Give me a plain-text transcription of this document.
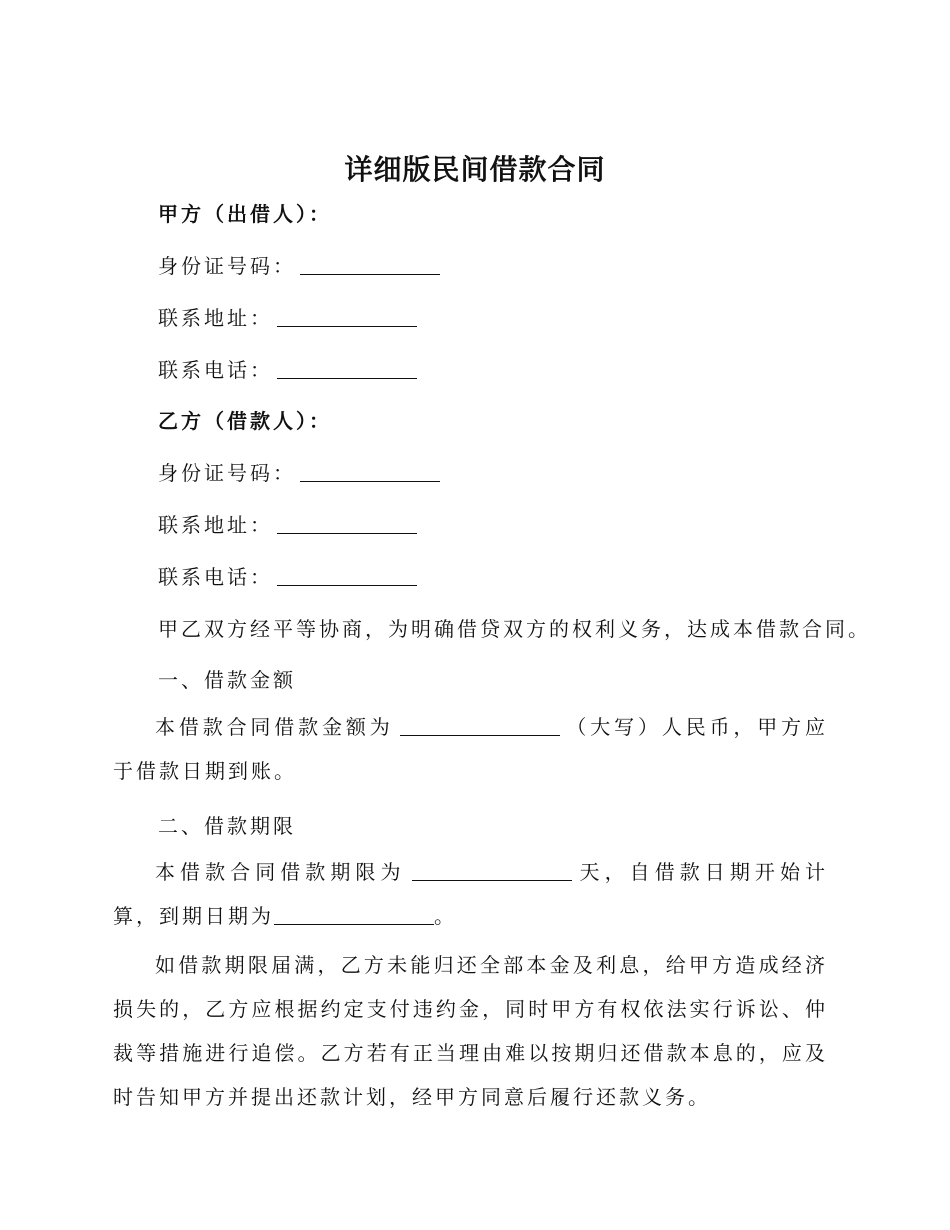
详细版民间借款合同
甲方（出借人）：
身份证号码：
联系地址：
联系电话：
乙方（借款人）：
身份证号码：
联系地址：
联系电话：
甲乙双方经平等协商，为明确借贷双方的权利义务，达成本借款合同。
一、借款金额
本借款合同借款金额为	（大写）人民币，甲方应于借款日期到账。
二、借款期限
本借款合同借款期限为	天，自借款日期开始计算，到期日期为	。
如借款期限届满，乙方未能归还全部本金及利息，给甲方造成经济损失的，乙方应根据约定支付违约金，同时甲方有权依法实行诉讼、仲裁等措施进行追偿。乙方若有正当理由难以按期归还借款本息的，应及时告知甲方并提出还款计划，经甲方同意后履行还款义务。
